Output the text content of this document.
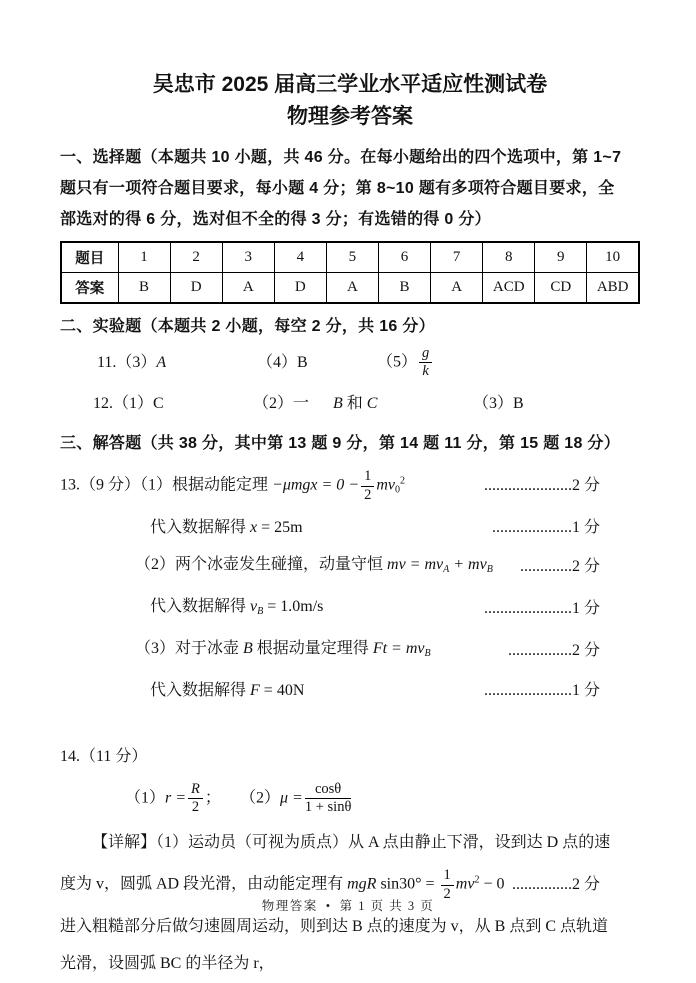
吴忠市 2025 届高三学业水平适应性测试卷
物理参考答案
一、选择题（本题共 10 小题，共 46 分。在每小题给出的四个选项中，第 1~7
题只有一项符合题目要求，每小题 4 分；第 8~10 题有多项符合题目要求，全
部选对的得 6 分，选对但不全的得 3 分；有选错的得 0 分）
题目	1	2	3	4	5	6	7	8	9	10
答案	B	D	A	D	A	B	A	ACD	CD	ABD
二、实验题（本题共 2 小题，每空 2 分，共 16 分）
11.（3）A	（4）B	$(5) \frac{g}{k}$
12.（1）C	（2）一	B 和 C	（3）B
三、解答题（共 38 分，其中第 13 题 9 分，第 14 题 11 分，第 15 题 18 分）
13.（9 分）（1）根据动能定理 $-\mu mgx = 0 - \frac{1}{2} mv0^2$	......................2 分
代入数据解得 x = 25m	....................1 分
（2）两个冰壶发生碰撞，动量守恒 mv = mvA + mvB .............2 分
代入数据解得 vB = 1.0m/s	......................1 分
（3）对于冰壶 B 根据动量定理得 Ft = mvB	................2 分
代入数据解得 F = 40N	......................1 分
14.（11 分）
$(1)r = \frac{R}{2}$ ；	$(2)\mu = \frac{\cos\theta}{1 + \sin\theta}$
【详解】（1）运动员（可视为质点）从 A 点由静止下滑，设到达 D 点的速
度为 v，圆弧 AD 段光滑，由动能定理有 mgR $\sin 30^\circ = \frac{1}{2} mv^2 - 0$ ...............2 分
进入粗糙部分后做匀速圆周运动，则到达 B 点的速度为 v，从 B 点到 C 点轨道
光滑，设圆弧 BC 的半径为 r，
物理答案 • 第 1 页 共 3 页
